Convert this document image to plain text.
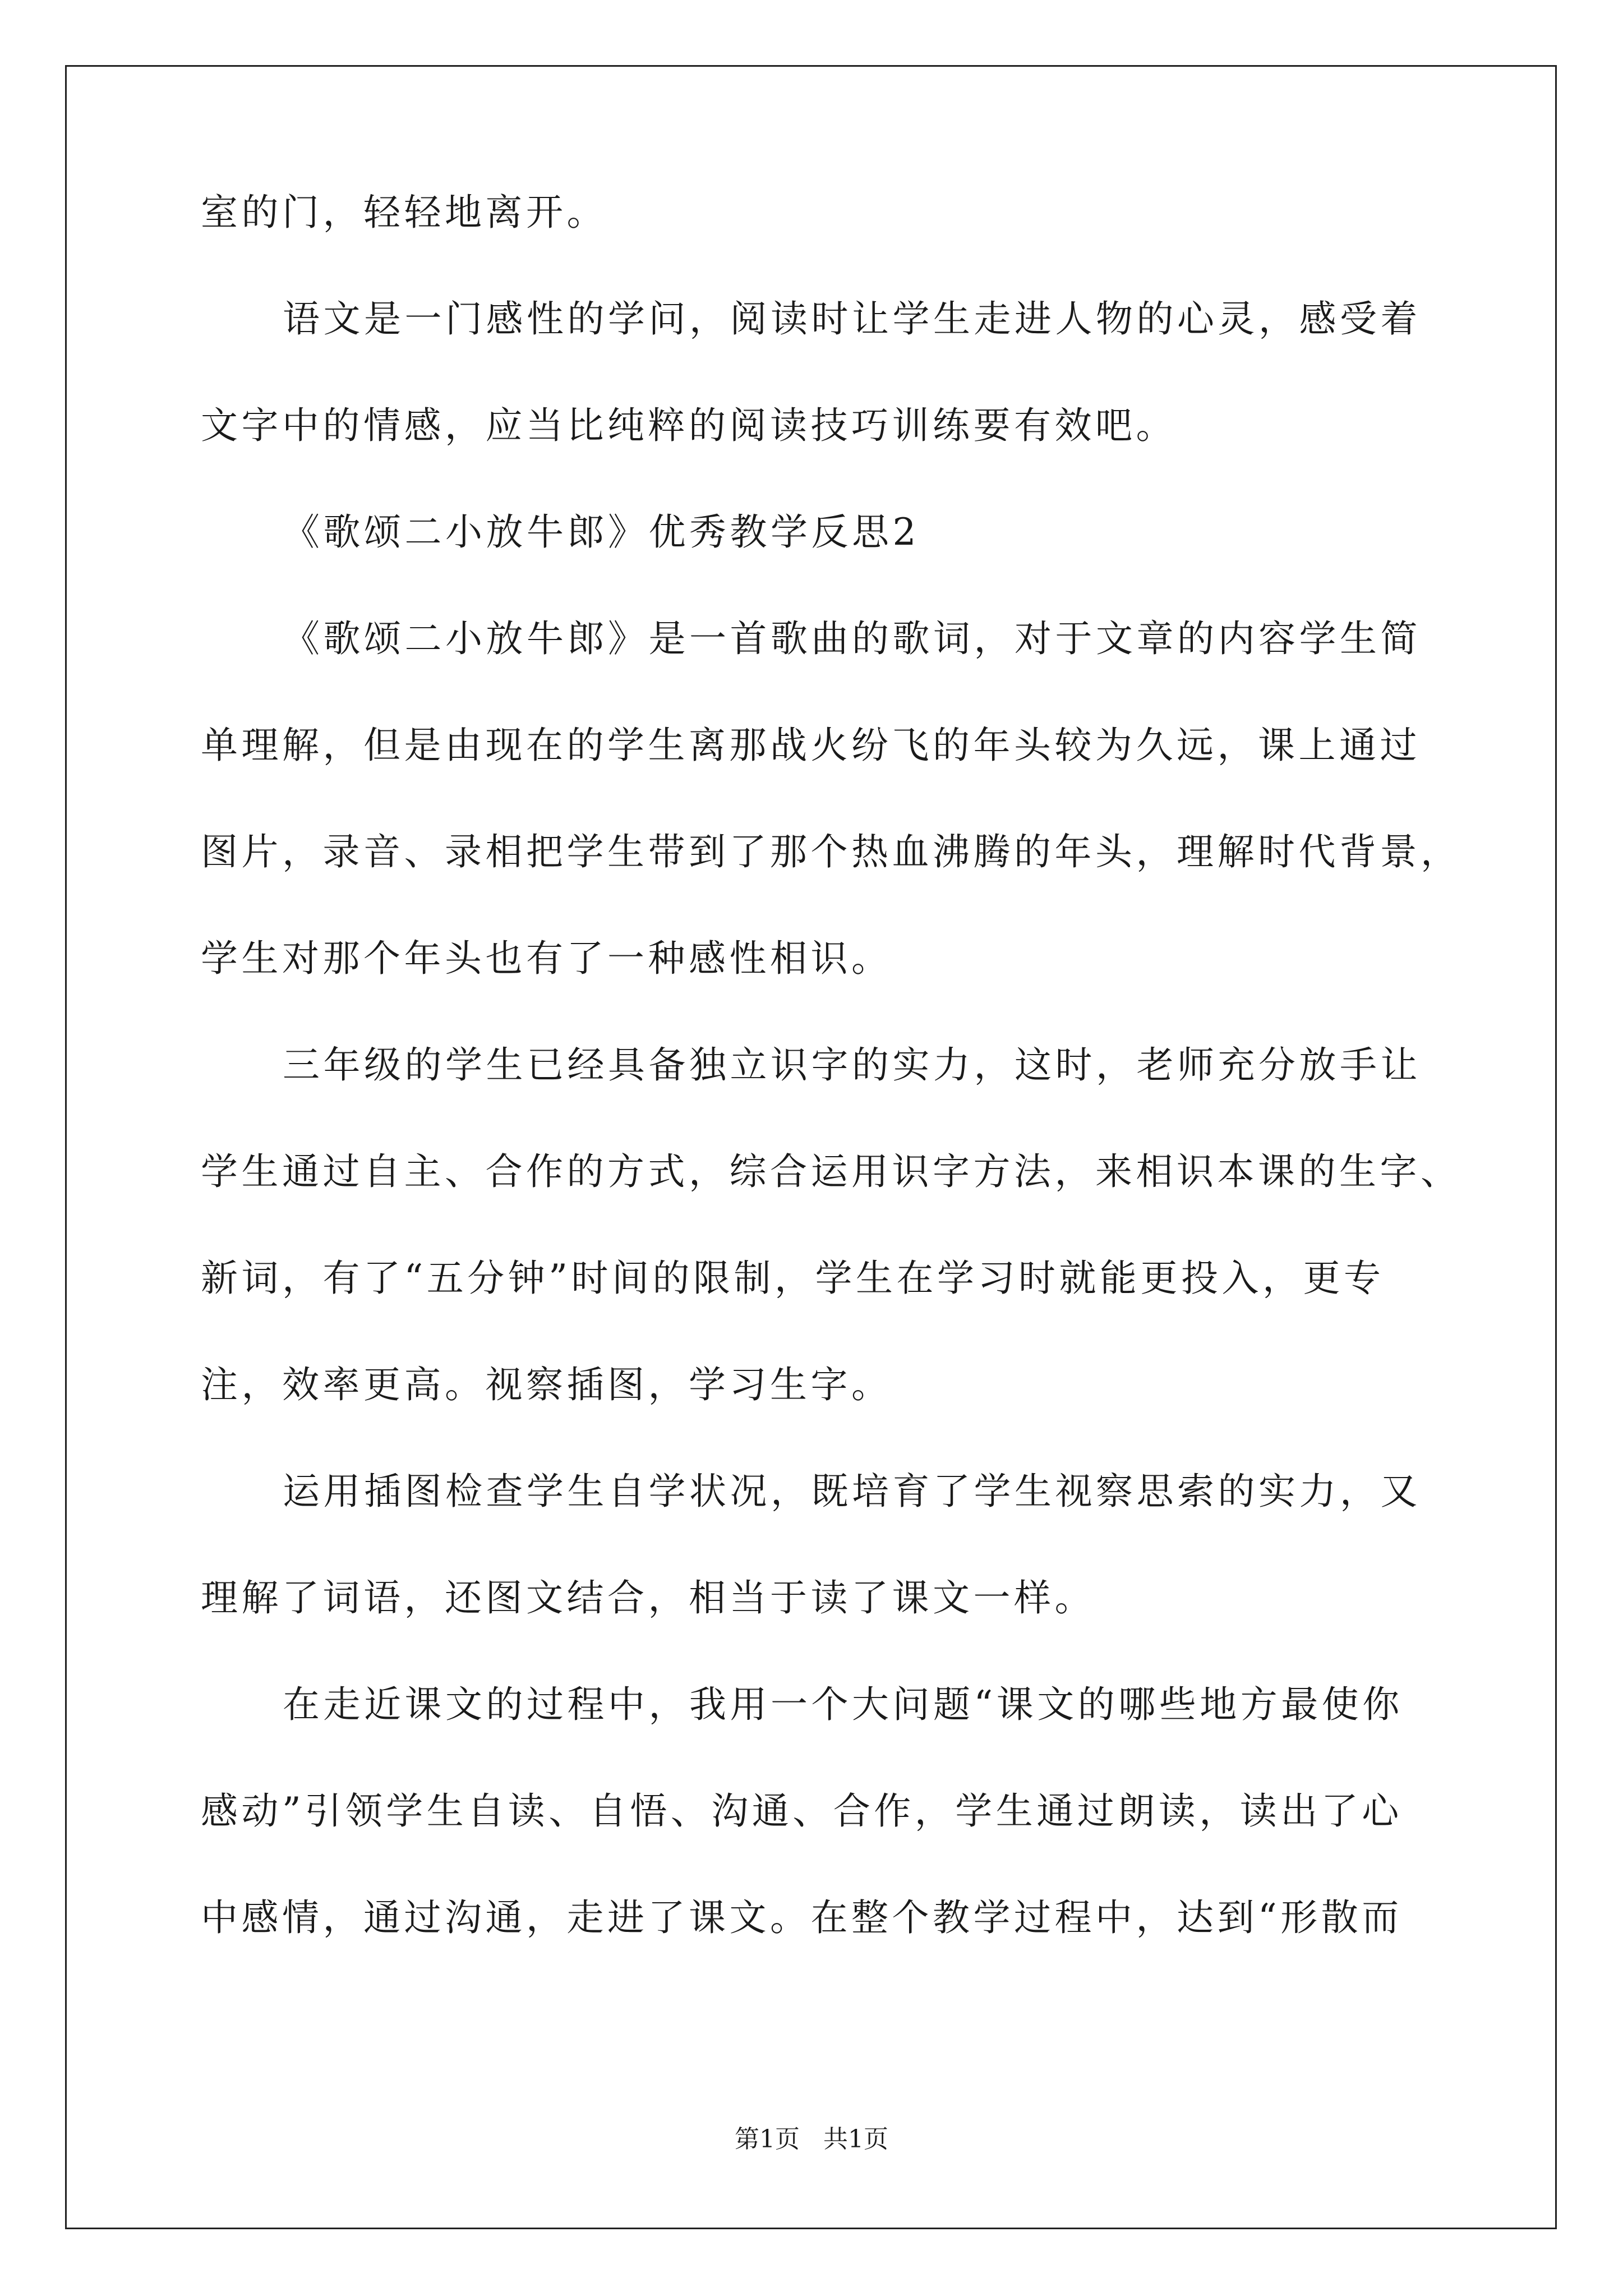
室的门，轻轻地离开。
语文是一门感性的学问，阅读时让学生走进人物的心灵，感受着
文字中的情感，应当比纯粹的阅读技巧训练要有效吧。
《歌颂二小放牛郎》优秀教学反思2
《歌颂二小放牛郎》是一首歌曲的歌词，对于文章的内容学生简
单理解，但是由现在的学生离那战火纷飞的年头较为久远，课上通过
图片，录音、录相把学生带到了那个热血沸腾的年头，理解时代背景，
学生对那个年头也有了一种感性相识。
三年级的学生已经具备独立识字的实力，这时，老师充分放手让
学生通过自主、合作的方式，综合运用识字方法，来相识本课的生字、
新词，有了“五分钟”时间的限制，学生在学习时就能更投入，更专
注，效率更高。视察插图，学习生字。
运用插图检查学生自学状况，既培育了学生视察思索的实力，又
理解了词语，还图文结合，相当于读了课文一样。
在走近课文的过程中，我用一个大问题“课文的哪些地方最使你
感动”引领学生自读、自悟、沟通、合作，学生通过朗读，读出了心
中感情，通过沟通，走进了课文。在整个教学过程中，达到“形散而
第1页 共1页
